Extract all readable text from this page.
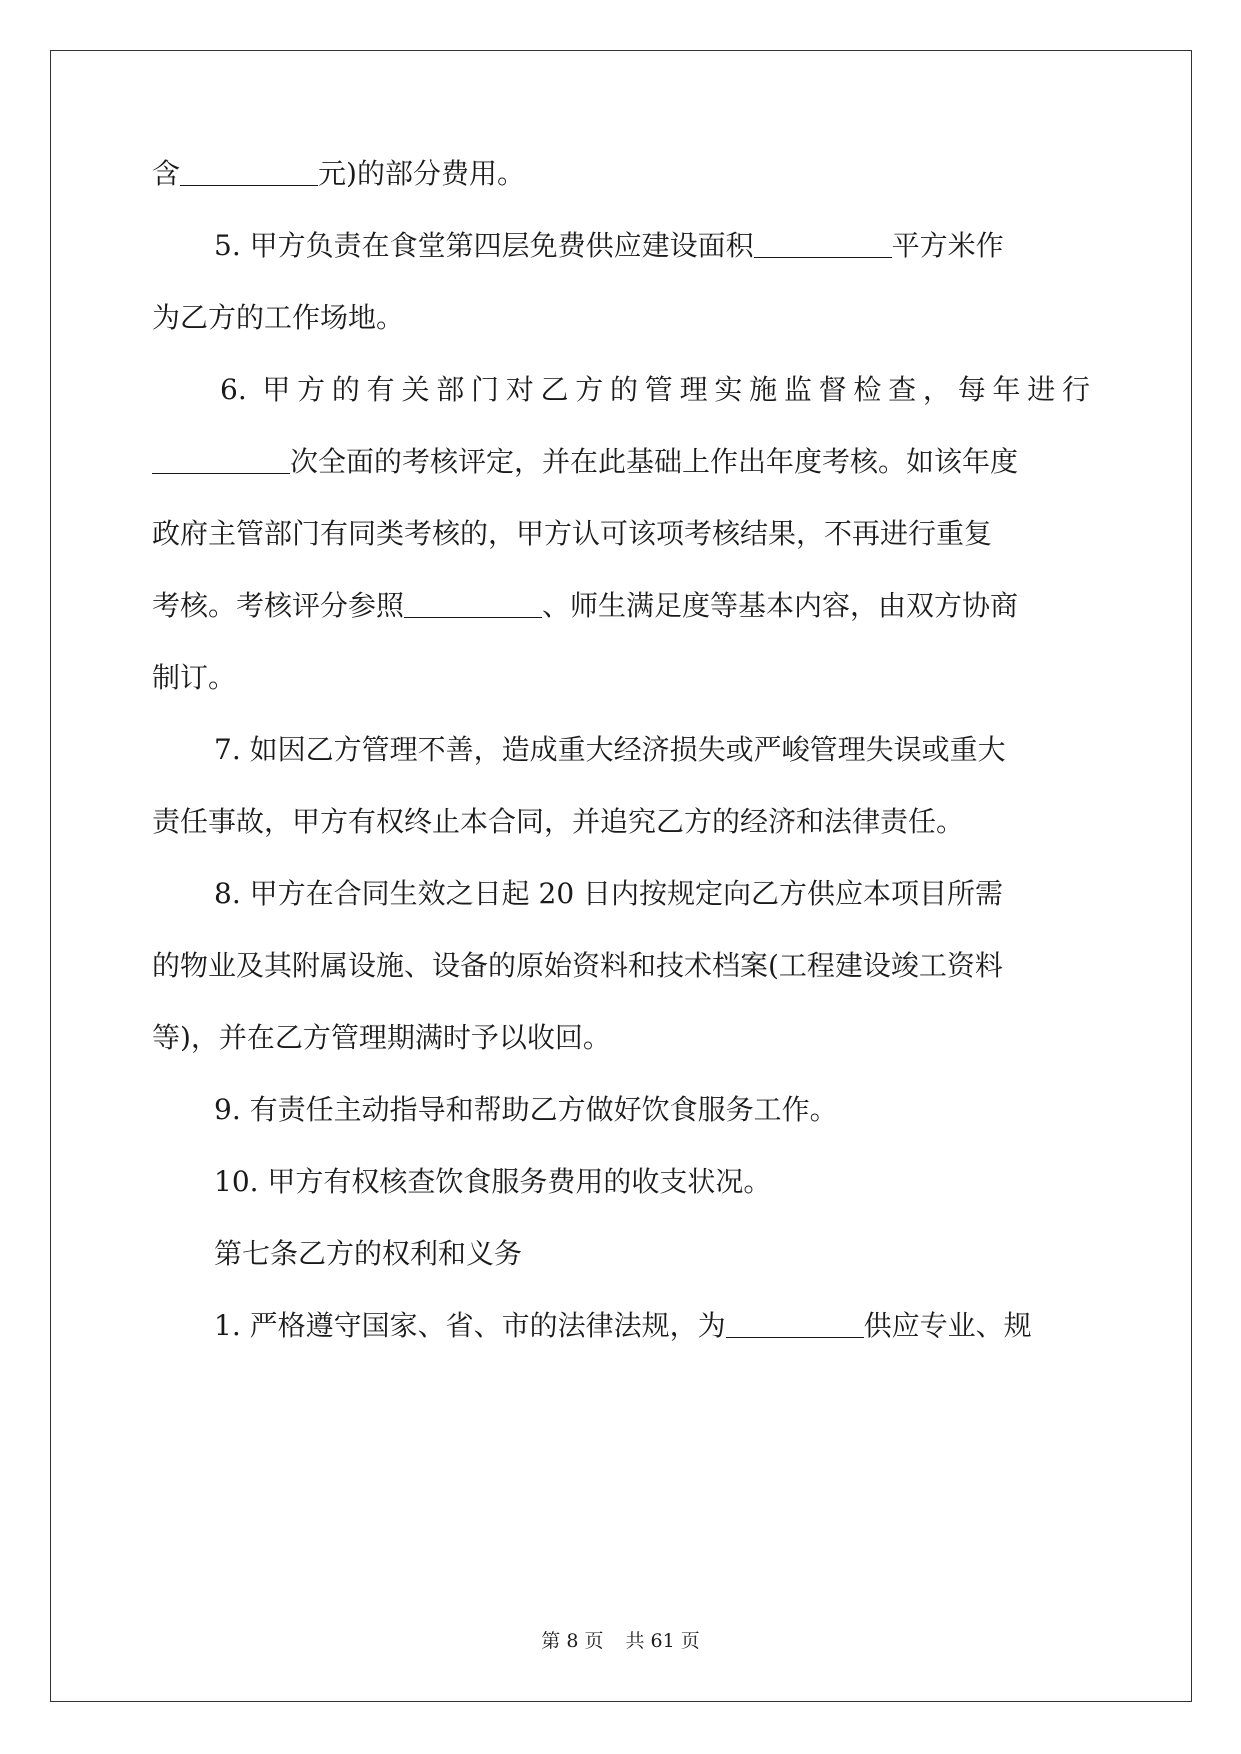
含	元)的部分费用。
5. 甲方负责在食堂第四层免费供应建设面积	平方米作
为乙方的工作场地。
6. 甲方的有关部门对乙方的管理实施监督检查，每年进行
次全面的考核评定，并在此基础上作出年度考核。如该年度
政府主管部门有同类考核的，甲方认可该项考核结果，不再进行重复
考核。考核评分参照	、师生满足度等基本内容，由双方协商
制订。
7. 如因乙方管理不善，造成重大经济损失或严峻管理失误或重大
责任事故，甲方有权终止本合同，并追究乙方的经济和法律责任。
8. 甲方在合同生效之日起 20 日内按规定向乙方供应本项目所需
的物业及其附属设施、设备的原始资料和技术档案(工程建设竣工资料
等)，并在乙方管理期满时予以收回。
9. 有责任主动指导和帮助乙方做好饮食服务工作。
10. 甲方有权核查饮食服务费用的收支状况。
第七条乙方的权利和义务
1. 严格遵守国家、省、市的法律法规，为	供应专业、规
第 8 页 共 61 页
